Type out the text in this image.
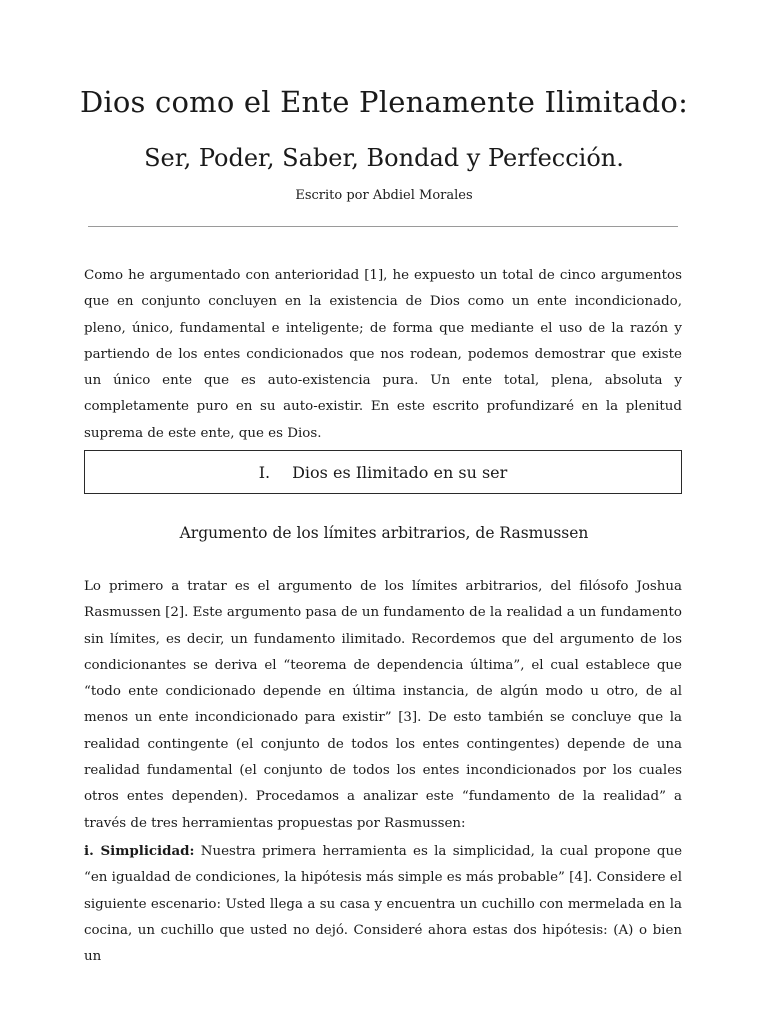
Dios como el Ente Plenamente Ilimitado:
Ser, Poder, Saber, Bondad y Perfección.
Escrito por Abdiel Morales

Como he argumentado con anterioridad [1], he expuesto un total de cinco argumentos que en conjunto concluyen en la existencia de Dios como un ente incondicionado, pleno, único, fundamental e inteligente; de forma que mediante el uso de la razón y partiendo de los entes condicionados que nos rodean, podemos demostrar que existe un único ente que es auto-existencia pura. Un ente total, plena, absoluta y completamente puro en su auto-existir. En este escrito profundizaré en la plenitud suprema de este ente, que es Dios.

I. Dios es Ilimitado en su ser
Argumento de los límites arbitrarios, de Rasmussen

Lo primero a tratar es el argumento de los límites arbitrarios, del filósofo Joshua Rasmussen [2]. Este argumento pasa de un fundamento de la realidad a un fundamento sin límites, es decir, un fundamento ilimitado. Recordemos que del argumento de los condicionantes se deriva el “teorema de dependencia última”, el cual establece que “todo ente condicionado depende en última instancia, de algún modo u otro, de al menos un ente incondicionado para existir” [3]. De esto también se concluye que la realidad contingente (el conjunto de todos los entes contingentes) depende de una realidad fundamental (el conjunto de todos los entes incondicionados por los cuales otros entes dependen). Procedamos a analizar este “fundamento de la realidad” a través de tres herramientas propuestas por Rasmussen:

i. Simplicidad: Nuestra primera herramienta es la simplicidad, la cual propone que “en igualdad de condiciones, la hipótesis más simple es más probable” [4]. Considere el siguiente escenario: Usted llega a su casa y encuentra un cuchillo con mermelada en la cocina, un cuchillo que usted no dejó. Consideré ahora estas dos hipótesis: (A) o bien un
